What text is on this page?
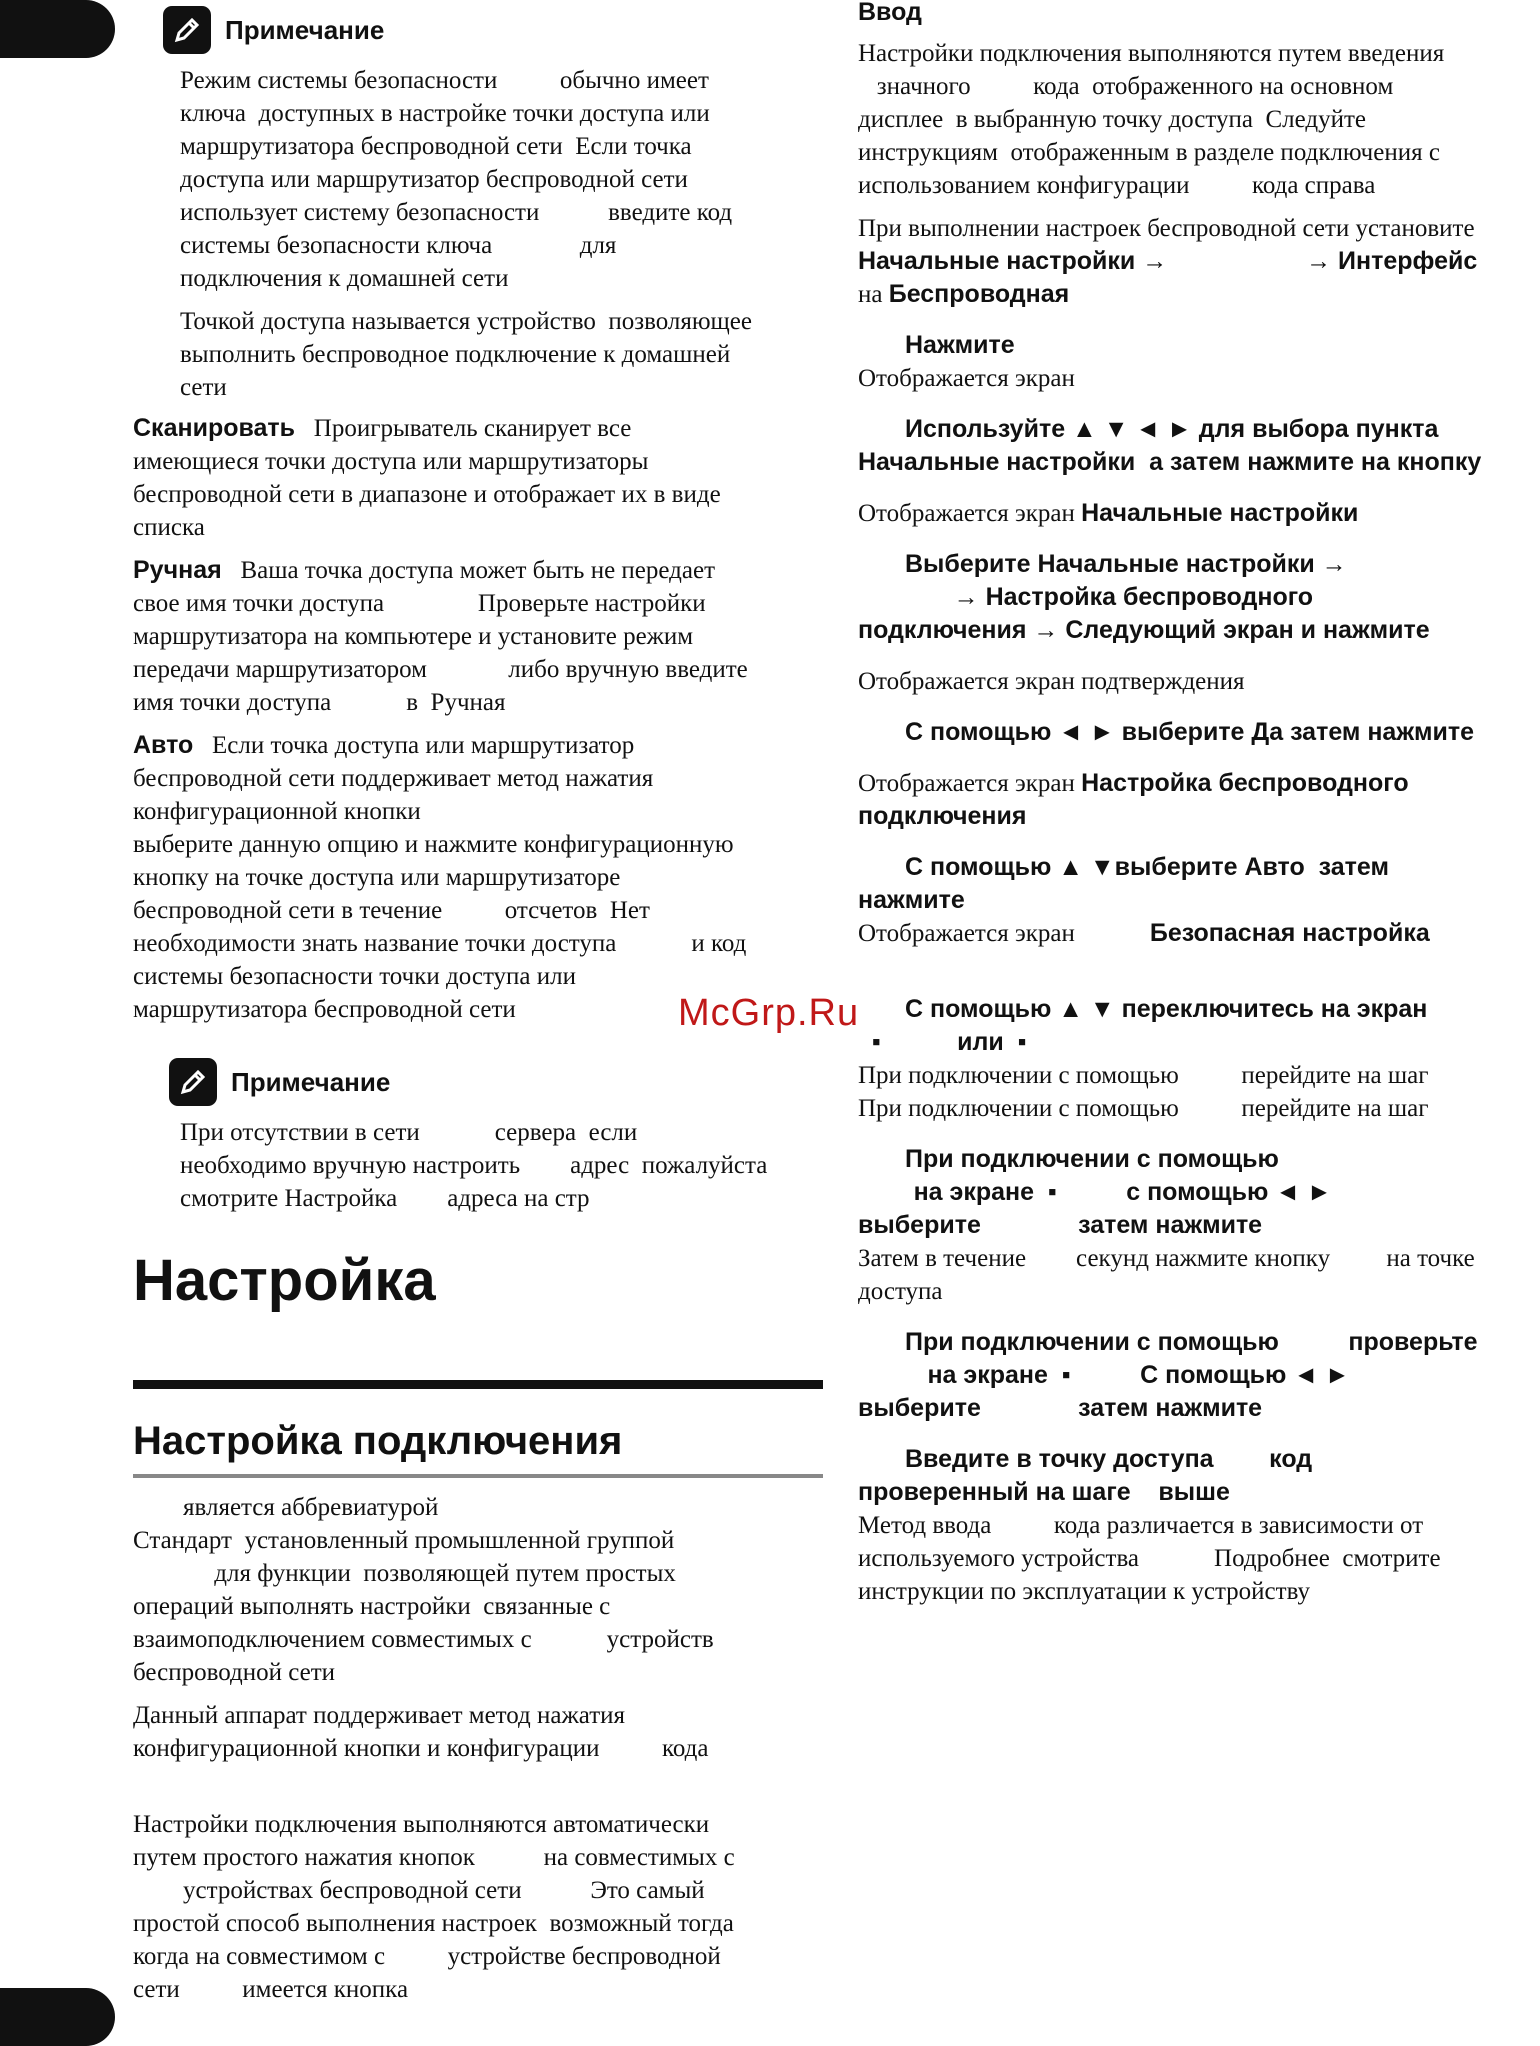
Примечание

Режим системы безопасности          обычно имеет
ключа  доступных в настройке точки доступа или
маршрутизатора беспроводной сети  Если точка
доступа или маршрутизатор беспроводной сети
использует систему безопасности           введите код
системы безопасности ключа              для
подключения к домашней сети

Точкой доступа называется устройство  позволяющее
выполнить беспроводное подключение к домашней
сети

Сканировать   Проигрыватель сканирует все
имеющиеся точки доступа или маршрутизаторы
беспроводной сети в диапазоне и отображает их в виде
списка

Ручная   Ваша точка доступа может быть не передает
свое имя точки доступа               Проверьте настройки
маршрутизатора на компьютере и установите режим
передачи маршрутизатором             либо вручную введите
имя точки доступа            в  Ручная

Авто   Если точка доступа или маршрутизатор
беспроводной сети поддерживает метод нажатия
конфигурационной кнопки
выберите данную опцию и нажмите конфигурационную
кнопку на точке доступа или маршрутизаторе
беспроводной сети в течение          отсчетов  Нет
необходимости знать название точки доступа            и код
системы безопасности точки доступа или
маршрутизатора беспроводной сети

Примечание

При отсутствии в сети            сервера  если
необходимо вручную настроить        адрес  пожалуйста
смотрите Настройка        адреса на стр

Настройка

Настройка подключения

является аббревиатурой
Стандарт  установленный промышленной группой
для функции  позволяющей путем простых
операций выполнять настройки  связанные с
взаимоподключением совместимых с            устройств
беспроводной сети

Данный аппарат поддерживает метод нажатия
конфигурационной кнопки и конфигурации          кода

Настройки подключения выполняются автоматически
путем простого нажатия кнопок           на совместимых с
устройствах беспроводной сети           Это самый
простой способ выполнения настроек  возможный тогда
когда на совместимом с          устройстве беспроводной
сети          имеется кнопка

Ввод

Настройки подключения выполняются путем введения
значного          кода  отображенного на основном
дисплее  в выбранную точку доступа  Следуйте
инструкциям  отображенным в разделе подключения с
использованием конфигурации          кода справа

При выполнении настроек беспроводной сети установите
Начальные настройки →                    → Интерфейс
на Беспроводная

Нажмите

Отображается экран

Используйте ▲ ▼ ◄ ► для выбора пункта
Начальные настройки  а затем нажмите на кнопку

Отображается экран Начальные настройки

Выберите Начальные настройки →
→ Настройка беспроводного
подключения → Следующий экран и нажмите

Отображается экран подтверждения

С помощью ◄ ► выберите Да затем нажмите

Отображается экран Настройка беспроводного
подключения

С помощью ▲ ▼выберите Авто  затем
нажмите

Отображается экран            Безопасная настройка

С помощью ▲ ▼ переключитесь на экран
▪           или  ▪

При подключении с помощью          перейдите на шаг
При подключении с помощью          перейдите на шаг

При подключении с помощью
на экране  ▪          с помощью ◄ ►
выберите              затем нажмите

Затем в течение        секунд нажмите кнопку         на точке
доступа

При подключении с помощью          проверьте
на экране  ▪          С помощью ◄ ►
выберите              затем нажмите

Введите в точку доступа        код
проверенный на шаге    выше

Метод ввода          кода различается в зависимости от
используемого устройства            Подробнее  смотрите
инструкции по эксплуатации к устройству

McGrp.Ru
